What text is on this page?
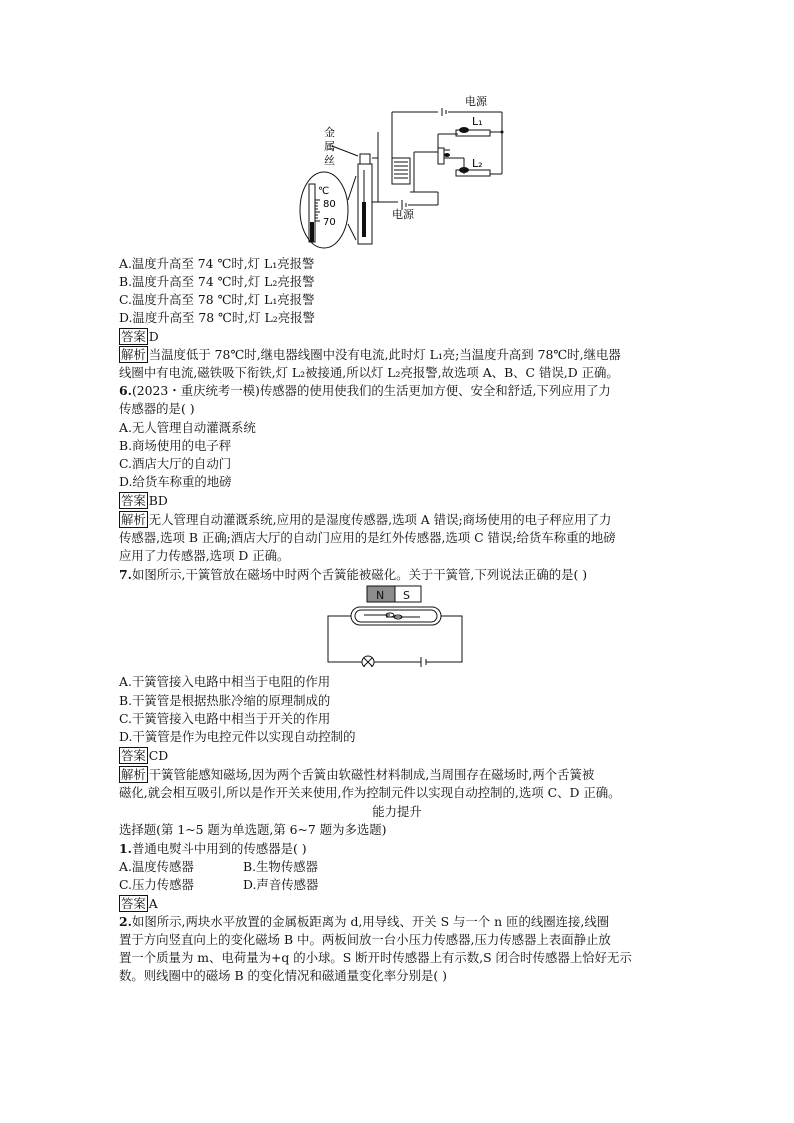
电源
L₁
L₂
电源
金
属
丝
℃
80
70
A.温度升高至 74 ℃时,灯 L₁亮报警
B.温度升高至 74 ℃时,灯 L₂亮报警
C.温度升高至 78 ℃时,灯 L₁亮报警
D.温度升高至 78 ℃时,灯 L₂亮报警
答案 D
解析 当温度低于 78℃时,继电器线圈中没有电流,此时灯 L₁亮;当温度升高到 78℃时,继电器
线圈中有电流,磁铁吸下衔铁,灯 L₂被接通,所以灯 L₂亮报警,故选项 A、B、C 错误,D 正确。
6.(2023・重庆统考一模)传感器的使用使我们的生活更加方便、安全和舒适,下列应用了力
传感器的是( )
A.无人管理自动灌溉系统
B.商场使用的电子秤
C.酒店大厅的自动门
D.给货车称重的地磅
答案 BD
解析 无人管理自动灌溉系统,应用的是湿度传感器,选项 A 错误;商场使用的电子秤应用了力
传感器,选项 B 正确;酒店大厅的自动门应用的是红外传感器,选项 C 错误;给货车称重的地磅
应用了力传感器,选项 D 正确。
7.如图所示,干簧管放在磁场中时两个舌簧能被磁化。关于干簧管,下列说法正确的是( )
N S
A.干簧管接入电路中相当于电阻的作用
B.干簧管是根据热胀冷缩的原理制成的
C.干簧管接入电路中相当于开关的作用
D.干簧管是作为电控元件以实现自动控制的
答案 CD
解析 干簧管能感知磁场,因为两个舌簧由软磁性材料制成,当周围存在磁场时,两个舌簧被
磁化,就会相互吸引,所以是作开关来使用,作为控制元件以实现自动控制的,选项 C、D 正确。
能力提升
选择题(第 1~5 题为单选题,第 6~7 题为多选题)
1.普通电熨斗中用到的传感器是( )
A.温度传感器	B.生物传感器
C.压力传感器	D.声音传感器
答案 A
2.如图所示,两块水平放置的金属板距离为 d,用导线、开关 S 与一个 n 匝的线圈连接,线圈
置于方向竖直向上的变化磁场 B 中。两板间放一台小压力传感器,压力传感器上表面静止放
置一个质量为 m、电荷量为+q 的小球。S 断开时传感器上有示数,S 闭合时传感器上恰好无示
数。则线圈中的磁场 B 的变化情况和磁通量变化率分别是( )
